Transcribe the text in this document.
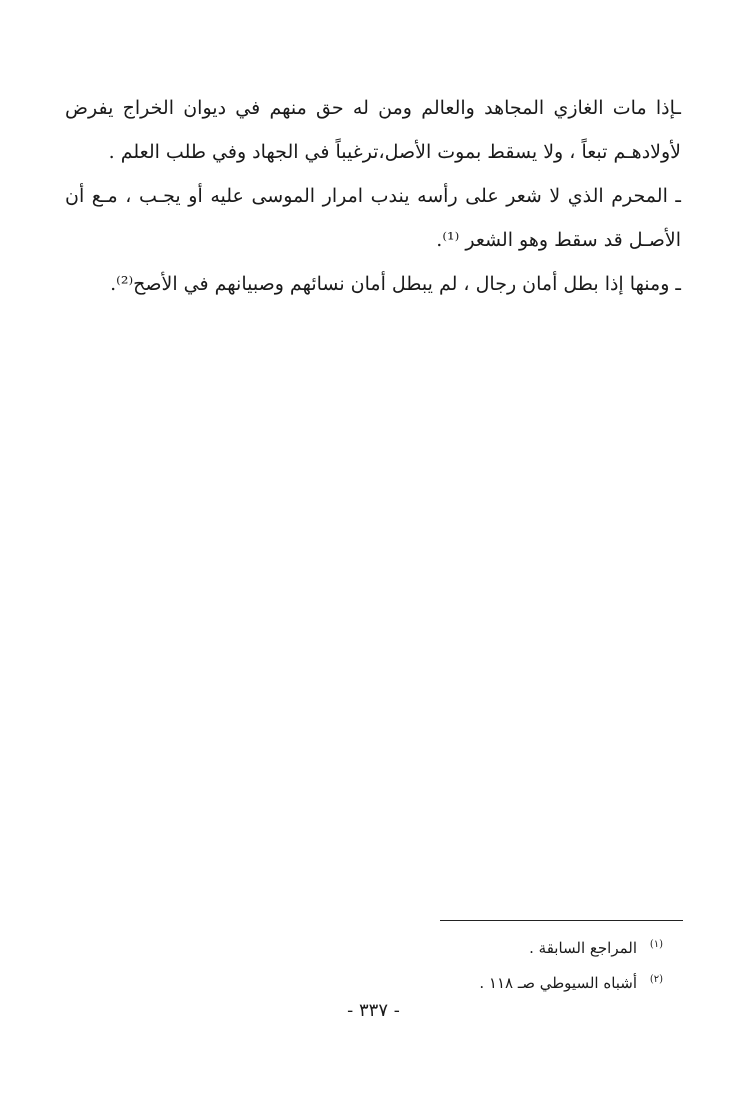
ـإذا مات الغازي المجاهد والعالم ومن له حق منهم في ديوان الخراج يفرض لأولادهـم تبعاً ، ولا يسقط بموت الأصل،ترغيباً في الجهاد وفي طلب العلم .

ـ المحرم الذي لا شعر على رأسه يندب امرار الموسى عليه أو يجـب ، مـع أن الأصـل قد سقط وهو الشعر ⁽¹⁾.

ـ ومنها إذا بطل أمان رجال ، لم يبطل أمان نسائهم وصبيانهم في الأصح⁽²⁾.

$^{(١)}$ المراجع السابقة .

$^{(٢)}$ أشباه السيوطي صـ ١١٨ .

- ٣٣٧ -
